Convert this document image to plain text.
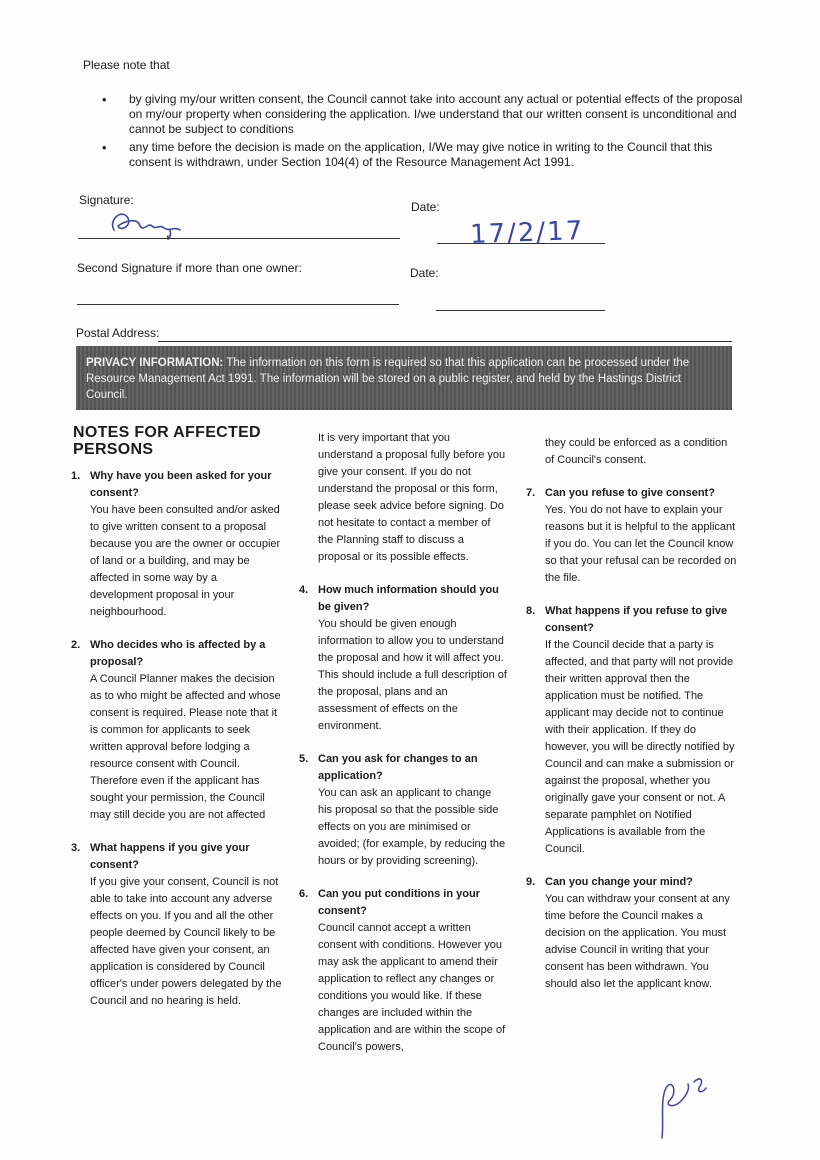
Please note that
• by giving my/our written consent, the Council cannot take into account any actual or potential effects of the proposal on my/our property when considering the application. I/we understand that our written consent is unconditional and cannot be subject to conditions
• any time before the decision is made on the application, I/We may give notice in writing to the Council that this consent is withdrawn, under Section 104(4) of the Resource Management Act 1991.
Signature:	Date:
17/2/17
Second Signature if more than one owner:	Date:
Postal Address:
PRIVACY INFORMATION: The information on this form is required so that this application can be processed under the Resource Management Act 1991. The information will be stored on a public register, and held by the Hastings District Council.
NOTES FOR AFFECTED PERSONS
1. Why have you been asked for your consent?

You have been consulted and/or asked to give written consent to a proposal because you are the owner or occupier of land or a building, and may be affected in some way by a development proposal in your neighbourhood.

2. Who decides who is affected by a proposal?

A Council Planner makes the decision as to who might be affected and whose consent is required. Please note that it is common for applicants to seek written approval before lodging a resource consent with Council. Therefore even if the applicant has sought your permission, the Council may still decide you are not affected

3. What happens if you give your consent?

If you give your consent, Council is not able to take into account any adverse effects on you. If you and all the other people deemed by Council likely to be affected have given your consent, an application is considered by Council officer's under powers delegated by the Council and no hearing is held.

It is very important that you understand a proposal fully before you give your consent. If you do not understand the proposal or this form, please seek advice before signing. Do not hesitate to contact a member of the Planning staff to discuss a proposal or its possible effects.

4. How much information should you be given?

You should be given enough information to allow you to understand the proposal and how it will affect you. This should include a full description of the proposal, plans and an assessment of effects on the environment.

5. Can you ask for changes to an application?

You can ask an applicant to change his proposal so that the possible side effects on you are minimised or avoided; (for example, by reducing the hours or by providing screening).

6. Can you put conditions in your consent?

Council cannot accept a written consent with conditions. However you may ask the applicant to amend their application to reflect any changes or conditions you would like. If these changes are included within the application and are within the scope of Council's powers,

they could be enforced as a condition of Council's consent.

7. Can you refuse to give consent?

Yes. You do not have to explain your reasons but it is helpful to the applicant if you do. You can let the Council know so that your refusal can be recorded on the file.

8. What happens if you refuse to give consent?

If the Council decide that a party is affected, and that party will not provide their written approval then the application must be notified. The applicant may decide not to continue with their application. If they do however, you will be directly notified by Council and can make a submission or against the proposal, whether you originally gave your consent or not. A separate pamphlet on Notified Applications is available from the Council.

9. Can you change your mind?

You can withdraw your consent at any time before the Council makes a decision on the application. You must advise Council in writing that your consent has been withdrawn. You should also let the applicant know.
